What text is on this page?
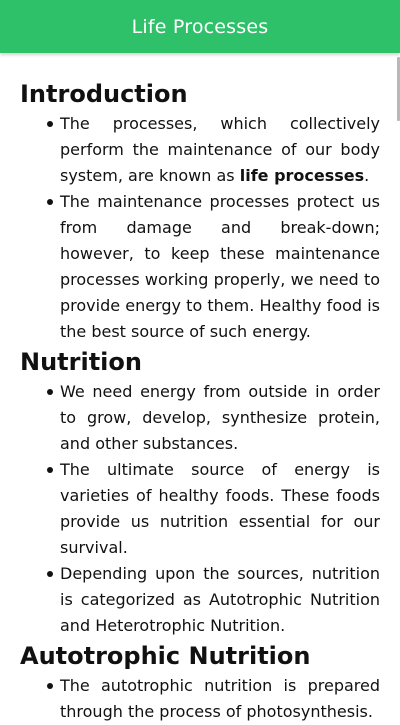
Life Processes
Introduction
The processes, which collectively perform the maintenance of our body system, are known as life processes.
The maintenance processes protect us from damage and break-down; however, to keep these maintenance processes working properly, we need to provide energy to them. Healthy food is the best source of such energy.
Nutrition
We need energy from outside in order to grow, develop, synthesize protein, and other substances.
The ultimate source of energy is varieties of healthy foods. These foods provide us nutrition essential for our survival.
Depending upon the sources, nutrition is categorized as Autotrophic Nutrition and Heterotrophic Nutrition.
Autotrophic Nutrition
The autotrophic nutrition is prepared through the process of photosynthesis.
